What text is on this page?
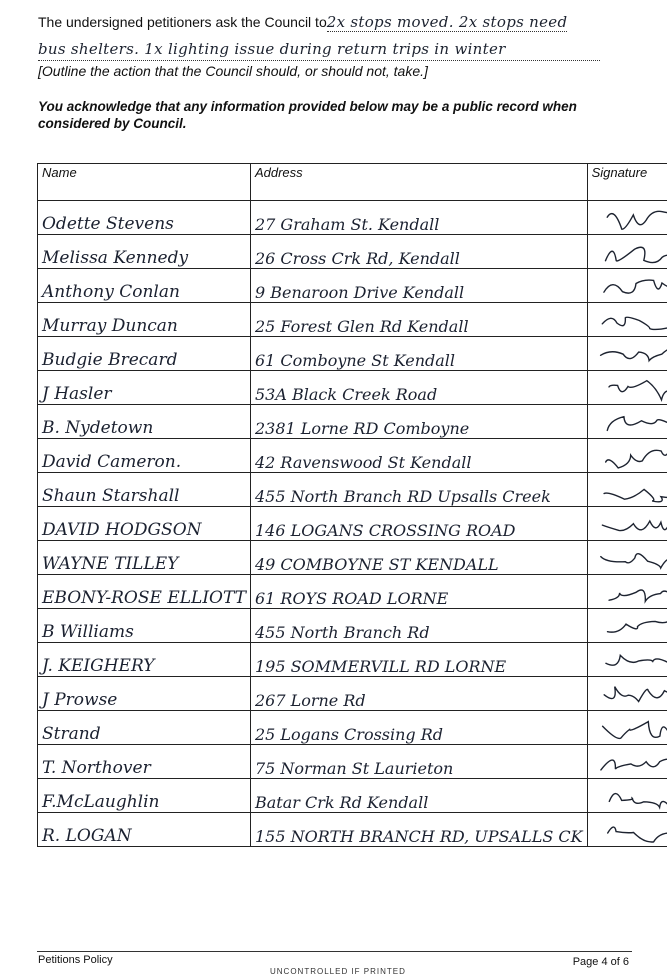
The undersigned petitioners ask the Council to2x stops moved. 2x stops need
bus shelters. 1x lighting issue during return trips in winter
[Outline the action that the Council should, or should not, take.]
You acknowledge that any information provided below may be a public record when considered by Council.
Name	Address	Signature
Odette Stevens	27 Graham St. Kendall	

Melissa Kennedy	26 Cross Crk Rd, Kendall	

Anthony Conlan	9 Benaroon Drive Kendall	

Murray Duncan	25 Forest Glen Rd Kendall	

Budgie Brecard	61 Comboyne St Kendall	

J Hasler	53A Black Creek Road	

B. Nydetown	2381 Lorne RD Comboyne	

David Cameron.	42 Ravenswood St Kendall	

Shaun Starshall	455 North Branch RD Upsalls Creek	

DAVID HODGSON	146 LOGANS CROSSING ROAD	

WAYNE TILLEY	49 COMBOYNE ST KENDALL	

EBONY-ROSE ELLIOTT	61 ROYS ROAD LORNE	

B Williams	455 North Branch Rd	

J. KEIGHERY	195 SOMMERVILL RD LORNE	

J Prowse	267 Lorne Rd	

Strand	25 Logans Crossing Rd	

T. Northover	75 Norman St Laurieton	

F.McLaughlin	Batar Crk Rd Kendall	

R. LOGAN	155 NORTH BRANCH RD, UPSALLS CK	
Petitions Policy	Page 4 of 6
UNCONTROLLED IF PRINTED
